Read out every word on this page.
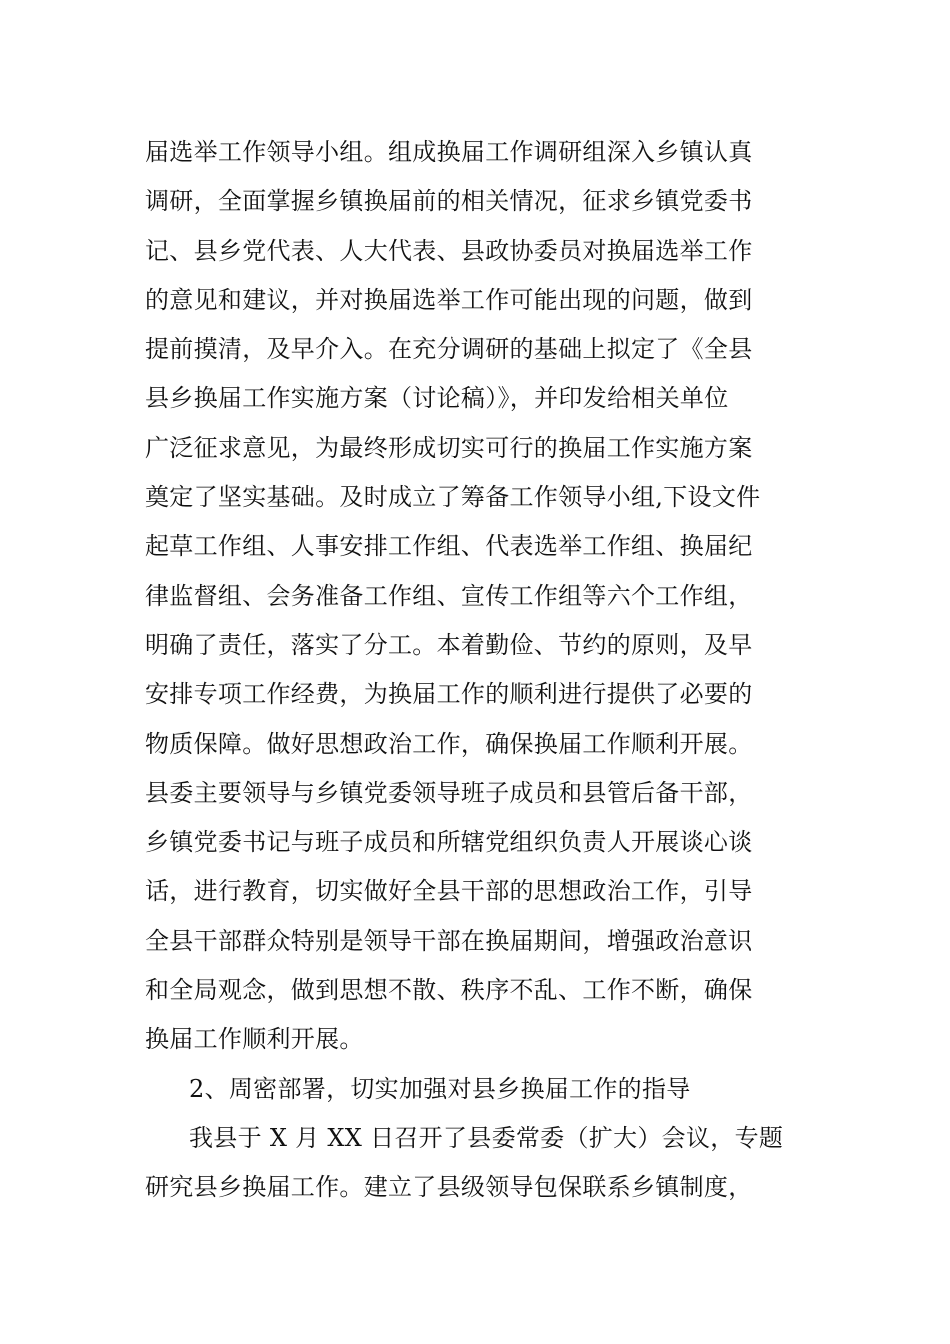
届选举工作领导小组。组成换届工作调研组深入乡镇认真
调研，全面掌握乡镇换届前的相关情况，征求乡镇党委书
记、县乡党代表、人大代表、县政协委员对换届选举工作
的意见和建议，并对换届选举工作可能出现的问题，做到
提前摸清，及早介入。在充分调研的基础上拟定了《全县
县乡换届工作实施方案（讨论稿）》，并印发给相关单位
广泛征求意见，为最终形成切实可行的换届工作实施方案
奠定了坚实基础。及时成立了筹备工作领导小组,下设文件
起草工作组、人事安排工作组、代表选举工作组、换届纪
律监督组、会务准备工作组、宣传工作组等六个工作组，
明确了责任，落实了分工。本着勤俭、节约的原则，及早
安排专项工作经费，为换届工作的顺利进行提供了必要的
物质保障。做好思想政治工作，确保换届工作顺利开展。
县委主要领导与乡镇党委领导班子成员和县管后备干部，
乡镇党委书记与班子成员和所辖党组织负责人开展谈心谈
话，进行教育，切实做好全县干部的思想政治工作，引导
全县干部群众特别是领导干部在换届期间，增强政治意识
和全局观念，做到思想不散、秩序不乱、工作不断，确保
换届工作顺利开展。
2、周密部署，切实加强对县乡换届工作的指导
我县于 X 月 XX 日召开了县委常委（扩大）会议，专题
研究县乡换届工作。建立了县级领导包保联系乡镇制度，
